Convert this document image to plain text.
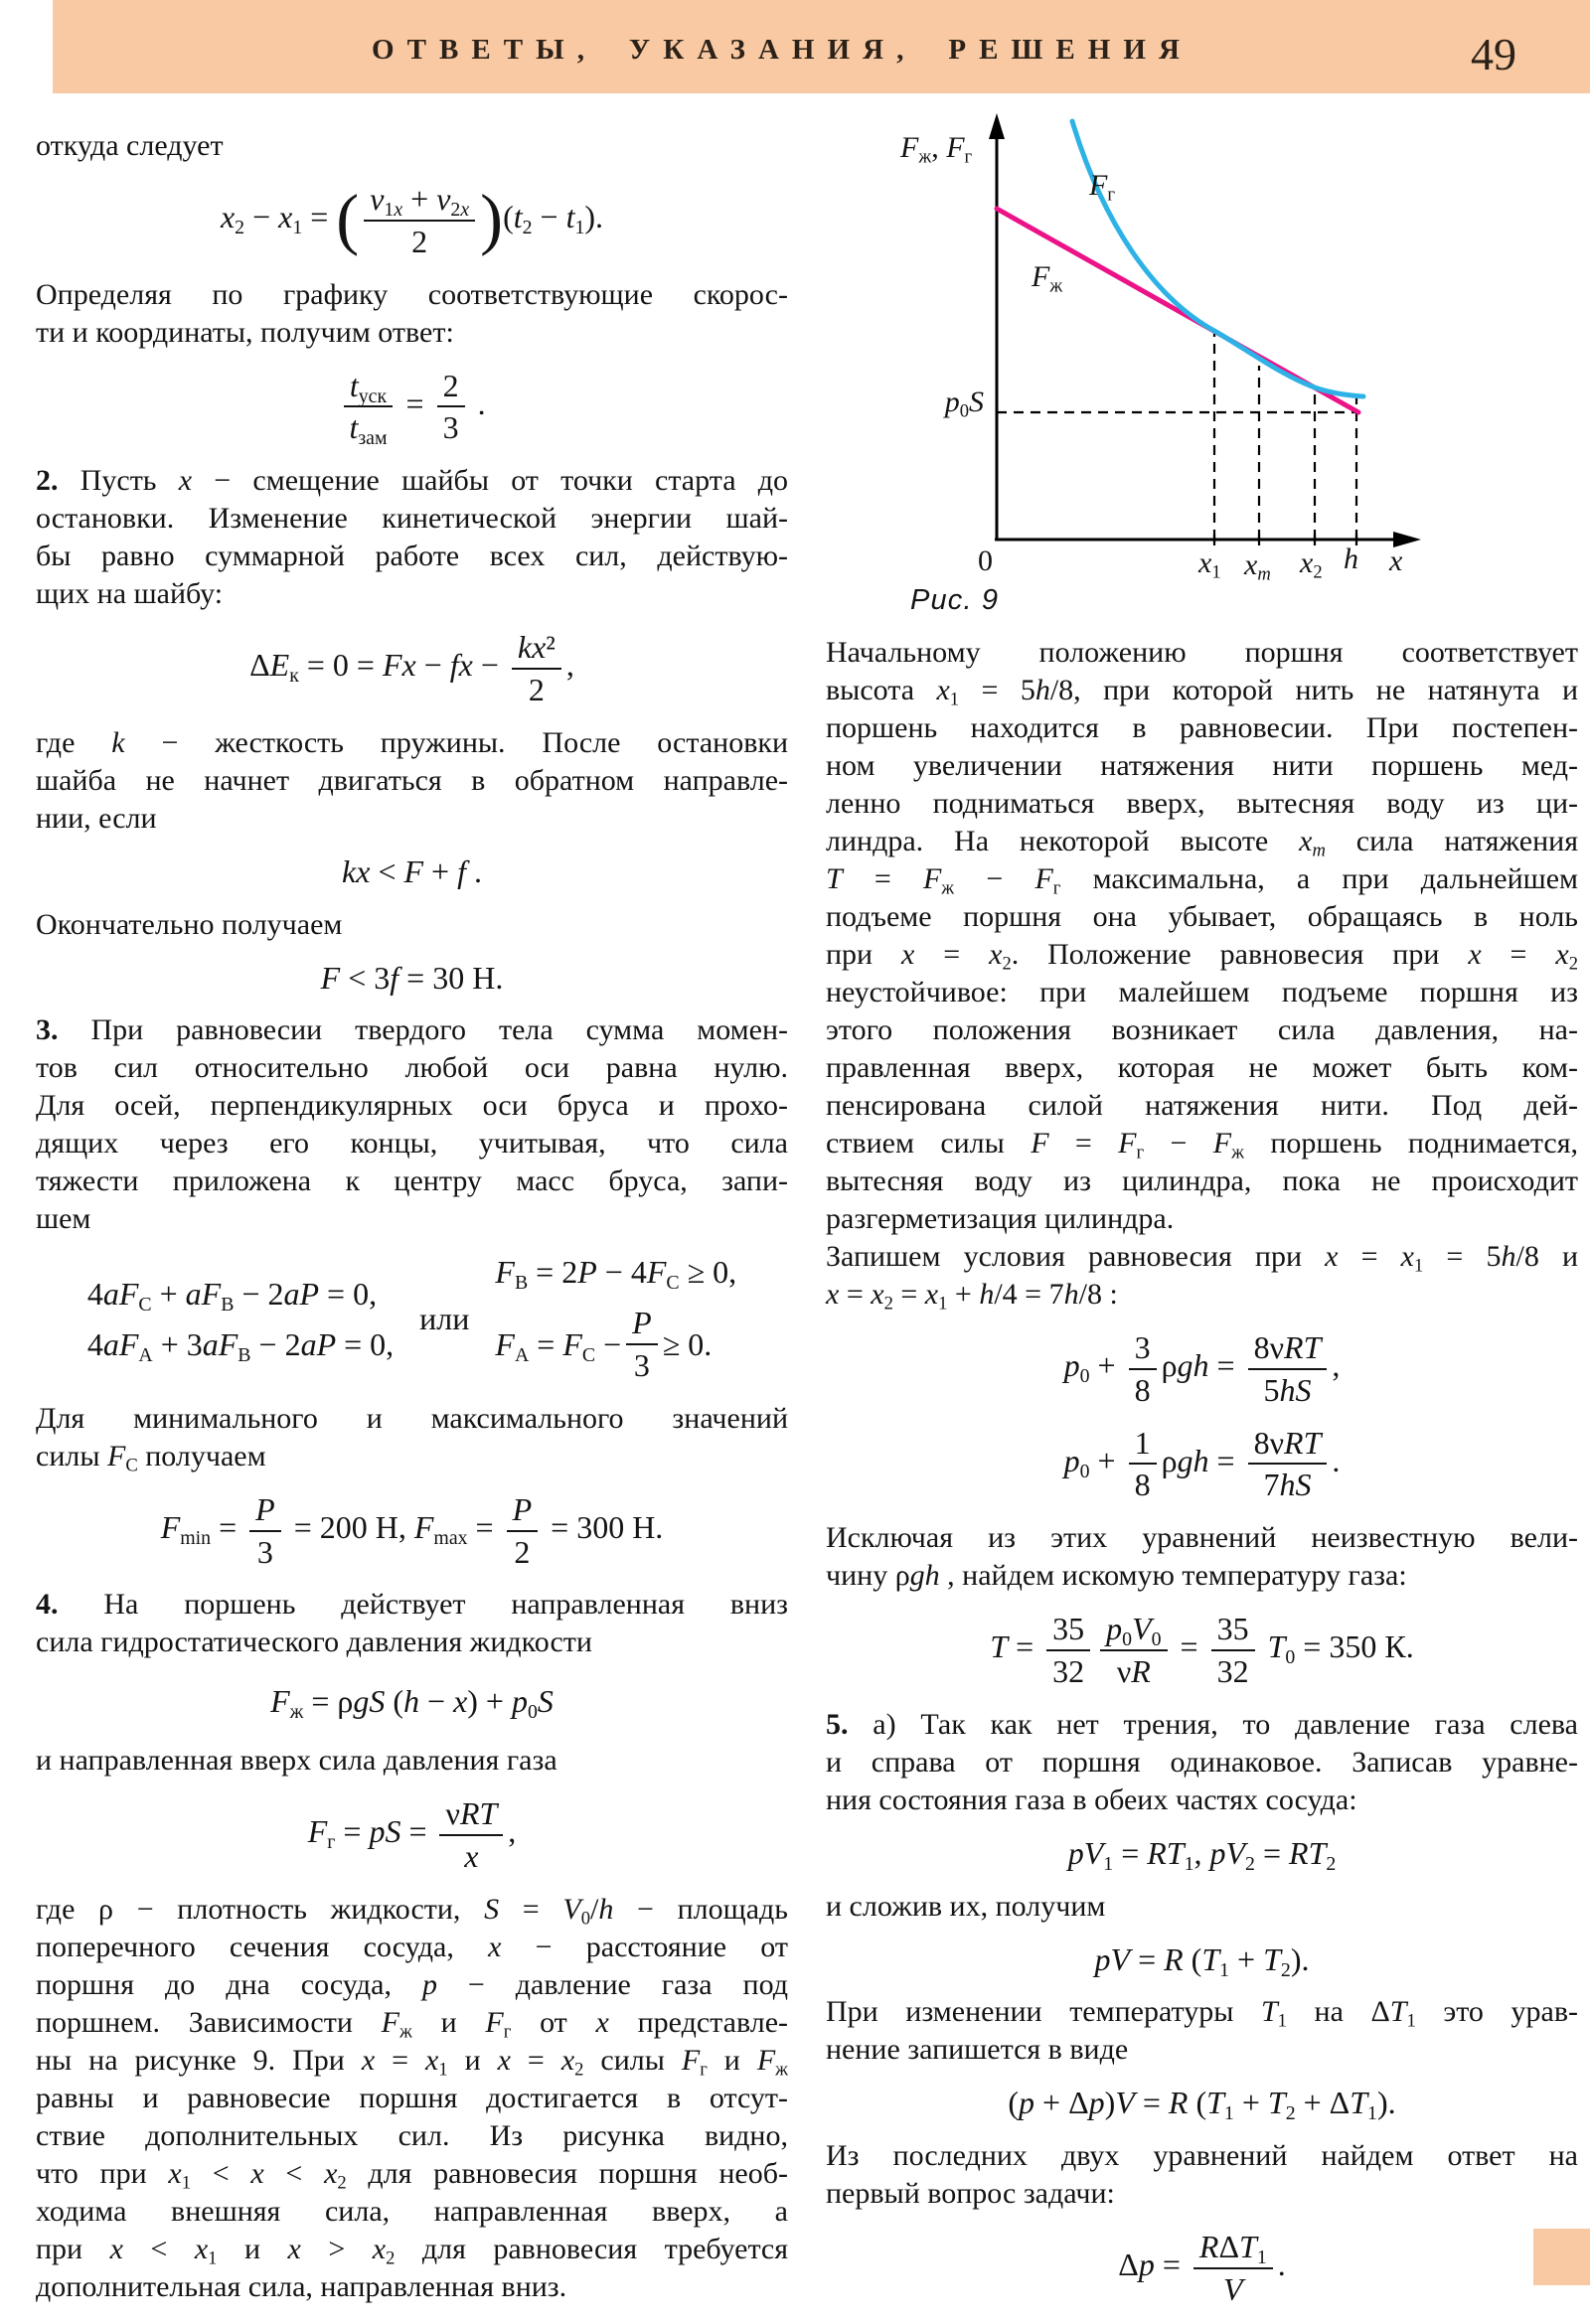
ОТВЕТЫ, УКАЗАНИЯ, РЕШЕНИЯ	49
$F_ж$, $F_г$
$F_г$
$F_ж$
$p_0S$
0	$x_1$ $x_m$ $x_2$ h x
Рис. 9
откуда следует
$x_2 - x_1$ = ( $\frac{v_{1x} + v_{2x}}{2} )(t_2 - t_1)$.
Определяя по графику соответствующие скорос-
ти и координаты, получим ответ:
$\frac{t_{уск}}{t_{зам}} = \frac{2}{3}$ .
2. Пусть x − смещение шайбы от точки старта до
остановки. Изменение кинетической энергии шай-
бы равно суммарной работе всех сил, действую-
щих на шайбу:
$\Delta E_к = 0 = Fx$ − fx − $\frac{\text{kx²}}{2}$ ,
где k − жесткость пружины. После остановки
шайба не начнет двигаться в обратном направле-
нии, если
kx < F + f .
Окончательно получаем
F < 3f = 30 Н.
3. При равновесии твердого тела сумма момен-
тов сил относительно любой оси равна нулю.
Для осей, перпендикулярных оси бруса и прохо-
дящих через его концы, учитывая, что сила
тяжести приложена к центру масс бруса, запи-
шем
$4aF_C + aF_B - 2aP = 0$,
$4aF_A + 3aF_B - 2aP = 0$,
или
$F_B = 2P - 4F_C \ge 0$,
$F_A = F_C - \frac{P}{3} \ge 0$.
Для минимального и максимального значений
силы $F_C$ получаем
$F_{min} = \frac{P}{3} = 200$ Н, $F_{max} = \frac{P}{2} = 300$ Н.
4. На поршень действует направленная вниз
сила гидростатического давления жидкости
$F_ж = \rho gS$ $(h - x) + p_0S$
и направленная вверх сила давления газа
$F_г$ = pS = $\frac{\text{νRT}}{x}$ ,
где ρ − плотность жидкости, $S = V_0/h$ − площадь
поперечного сечения сосуда, x − расстояние от
поршня до дна сосуда, p − давление газа под
поршнем. Зависимости $F_ж$ и $F_г$ от x представле-
ны на рисунке 9. При $x = x_1$ и $x = x_2$ силы $F_г$ и $F_ж$
равны и равновесие поршня достигается в отсут-
ствие дополнительных сил. Из рисунка видно,
что при $x_1 < x < x_2$ для равновесия поршня необ-
ходима внешняя сила, направленная вверх, а
при $x < x_1$ и $x > x_2$ для равновесия требуется
дополнительная сила, направленная вниз.
Начальному положению поршня соответствует
высота $x_1 = 5h/8$, при которой нить не натянута и
поршень находится в равновесии. При постепен-
ном увеличении натяжения нити поршень мед-
ленно подниматься вверх, вытесняя воду из ци-
линдра. На некоторой высоте $x_m$ сила натяжения
$T = F_ж - F_г$ максимальна, а при дальнейшем
подъеме поршня она убывает, обращаясь в ноль
при $x = x_2$. Положение равновесия при $x = x_2$
неустойчивое: при малейшем подъеме поршня из
этого положения возникает сила давления, на-
правленная вверх, которая не может быть ком-
пенсирована силой натяжения нити. Под дей-
ствием силы $F = F_г - F_ж$ поршень поднимается,
вытесняя воду из цилиндра, пока не происходит
разгерметизация цилиндра.
Запишем условия равновесия при $x = x_1 = 5h/8$ и
$x = x_2 = x_1 + h/4 = 7h/8$ :
$p_0 + \frac{3}{8}$ $\rho gh = \frac{\text{8νRT}}{5hS}$ ,
$p_0 + \frac{1}{8}$ $\rho gh = \frac{\text{8νRT}}{7hS}$ .
Исключая из этих уравнений неизвестную вели-
чину ρgh , найдем искомую температуру газа:
$T = \frac{35}{32} \frac{p_0V_0}{\nu R} = \frac{35}{32} T_0 = 350$ К.
5. а) Так как нет трения, то давление газа слева
и справа от поршня одинаковое. Записав уравне-
ния состояния газа в обеих частях сосуда:
$pV_1 = RT_1$, $pV_2 = RT_2$
и сложив их, получим
pV = R $(T_1 + T_2)$.
При изменении температуры $T_1$ на $\Delta T_1$ это урав-
нение запишется в виде
(p + Δp)V = R $(T_1 + T_2 + \Delta T_1)$.
Из последних двух уравнений найдем ответ на
первый вопрос задачи:
$\Delta p = \frac{R\Delta T_1}{V}$ .
